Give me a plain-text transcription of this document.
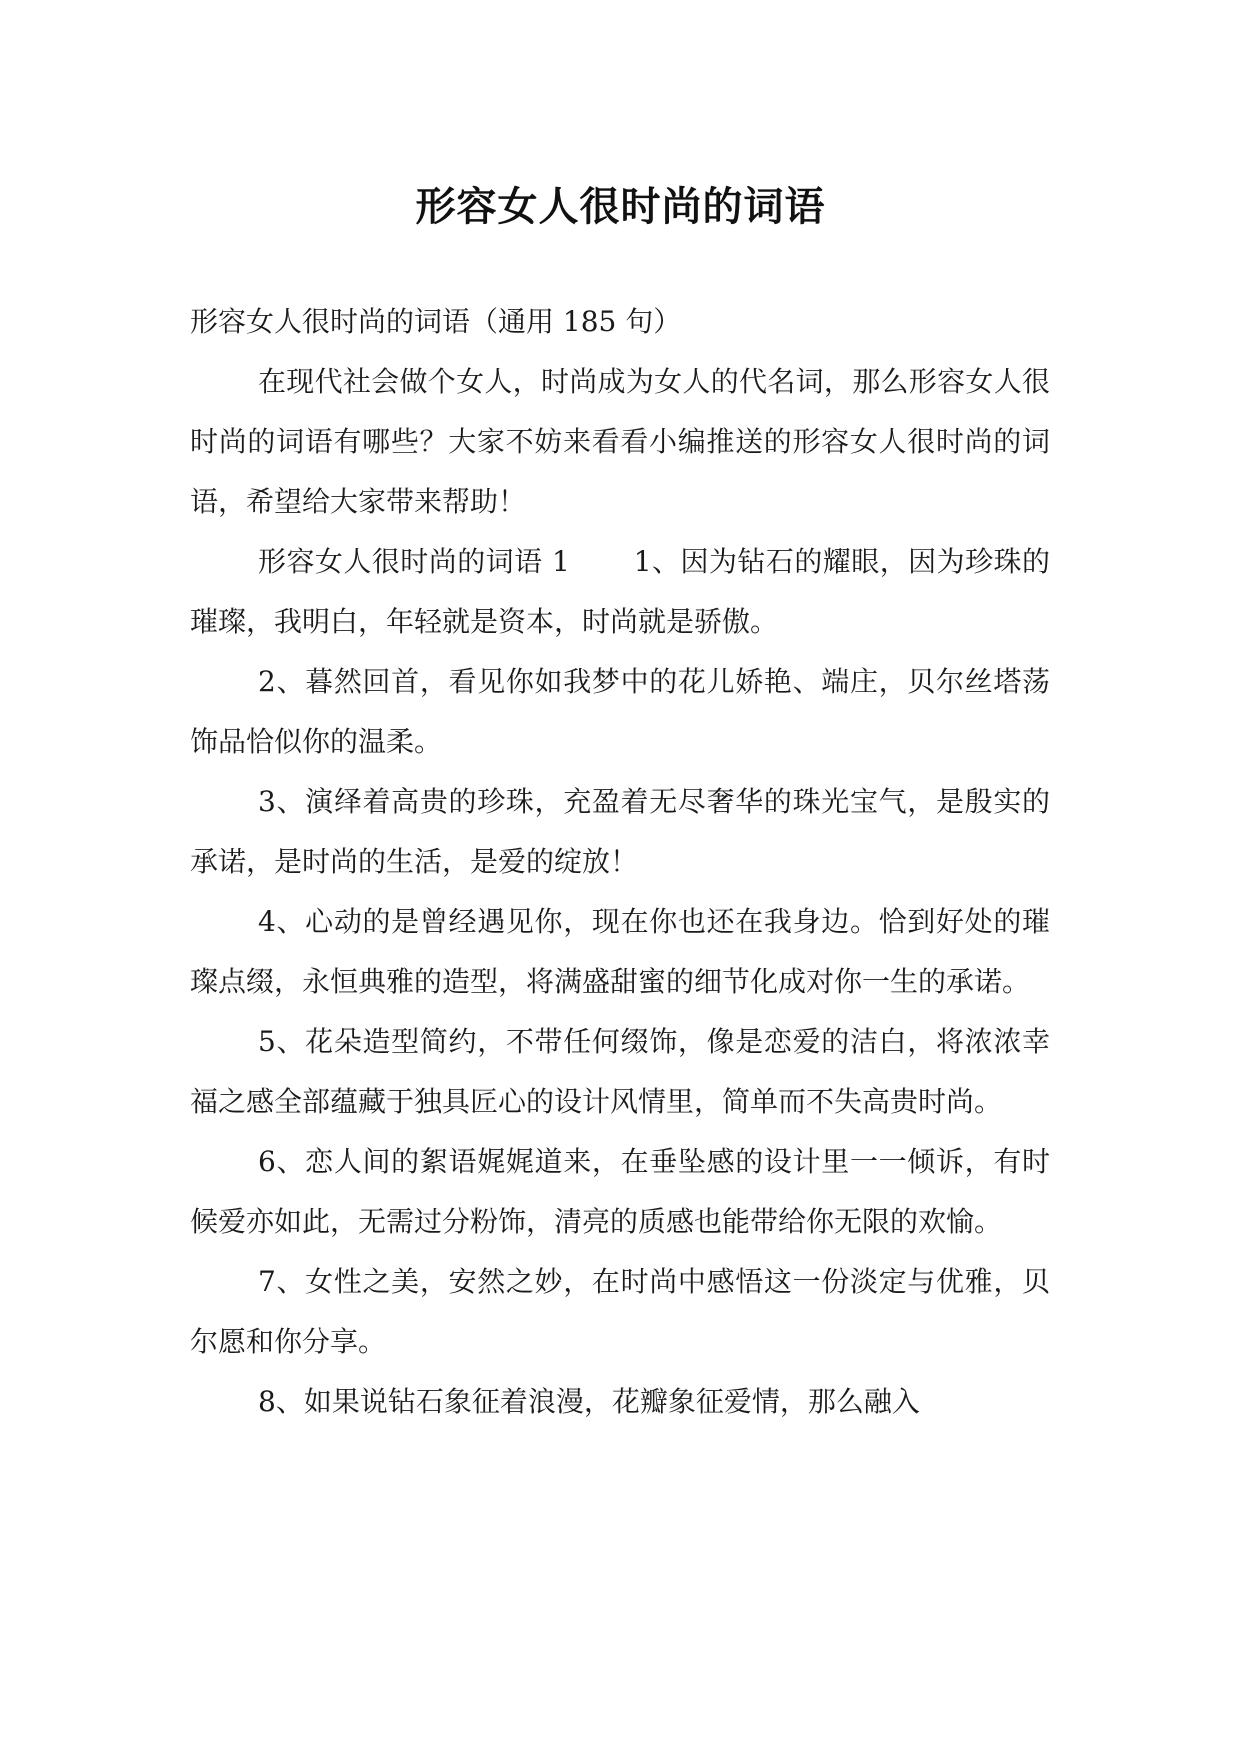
形容女人很时尚的词语

形容女人很时尚的词语（通用 185 句）

在现代社会做个女人，时尚成为女人的代名词，那么形容女人很时尚的词语有哪些？大家不妨来看看小编推送的形容女人很时尚的词语，希望给大家带来帮助！

形容女人很时尚的词语 1 1、因为钻石的耀眼，因为珍珠的璀璨，我明白，年轻就是资本，时尚就是骄傲。

2、暮然回首，看见你如我梦中的花儿娇艳、端庄，贝尔丝塔荡饰品恰似你的温柔。

3、演绎着高贵的珍珠，充盈着无尽奢华的珠光宝气，是殷实的承诺，是时尚的生活，是爱的绽放！

4、心动的是曾经遇见你，现在你也还在我身边。恰到好处的璀璨点缀，永恒典雅的造型，将满盛甜蜜的细节化成对你一生的承诺。

5、花朵造型简约，不带任何缀饰，像是恋爱的洁白，将浓浓幸福之感全部蕴藏于独具匠心的设计风情里，简单而不失高贵时尚。

6、恋人间的絮语娓娓道来，在垂坠感的设计里一一倾诉，有时候爱亦如此，无需过分粉饰，清亮的质感也能带给你无限的欢愉。

7、女性之美，安然之妙，在时尚中感悟这一份淡定与优雅，贝尔愿和你分享。

8、如果说钻石象征着浪漫，花瓣象征爱情，那么融入
